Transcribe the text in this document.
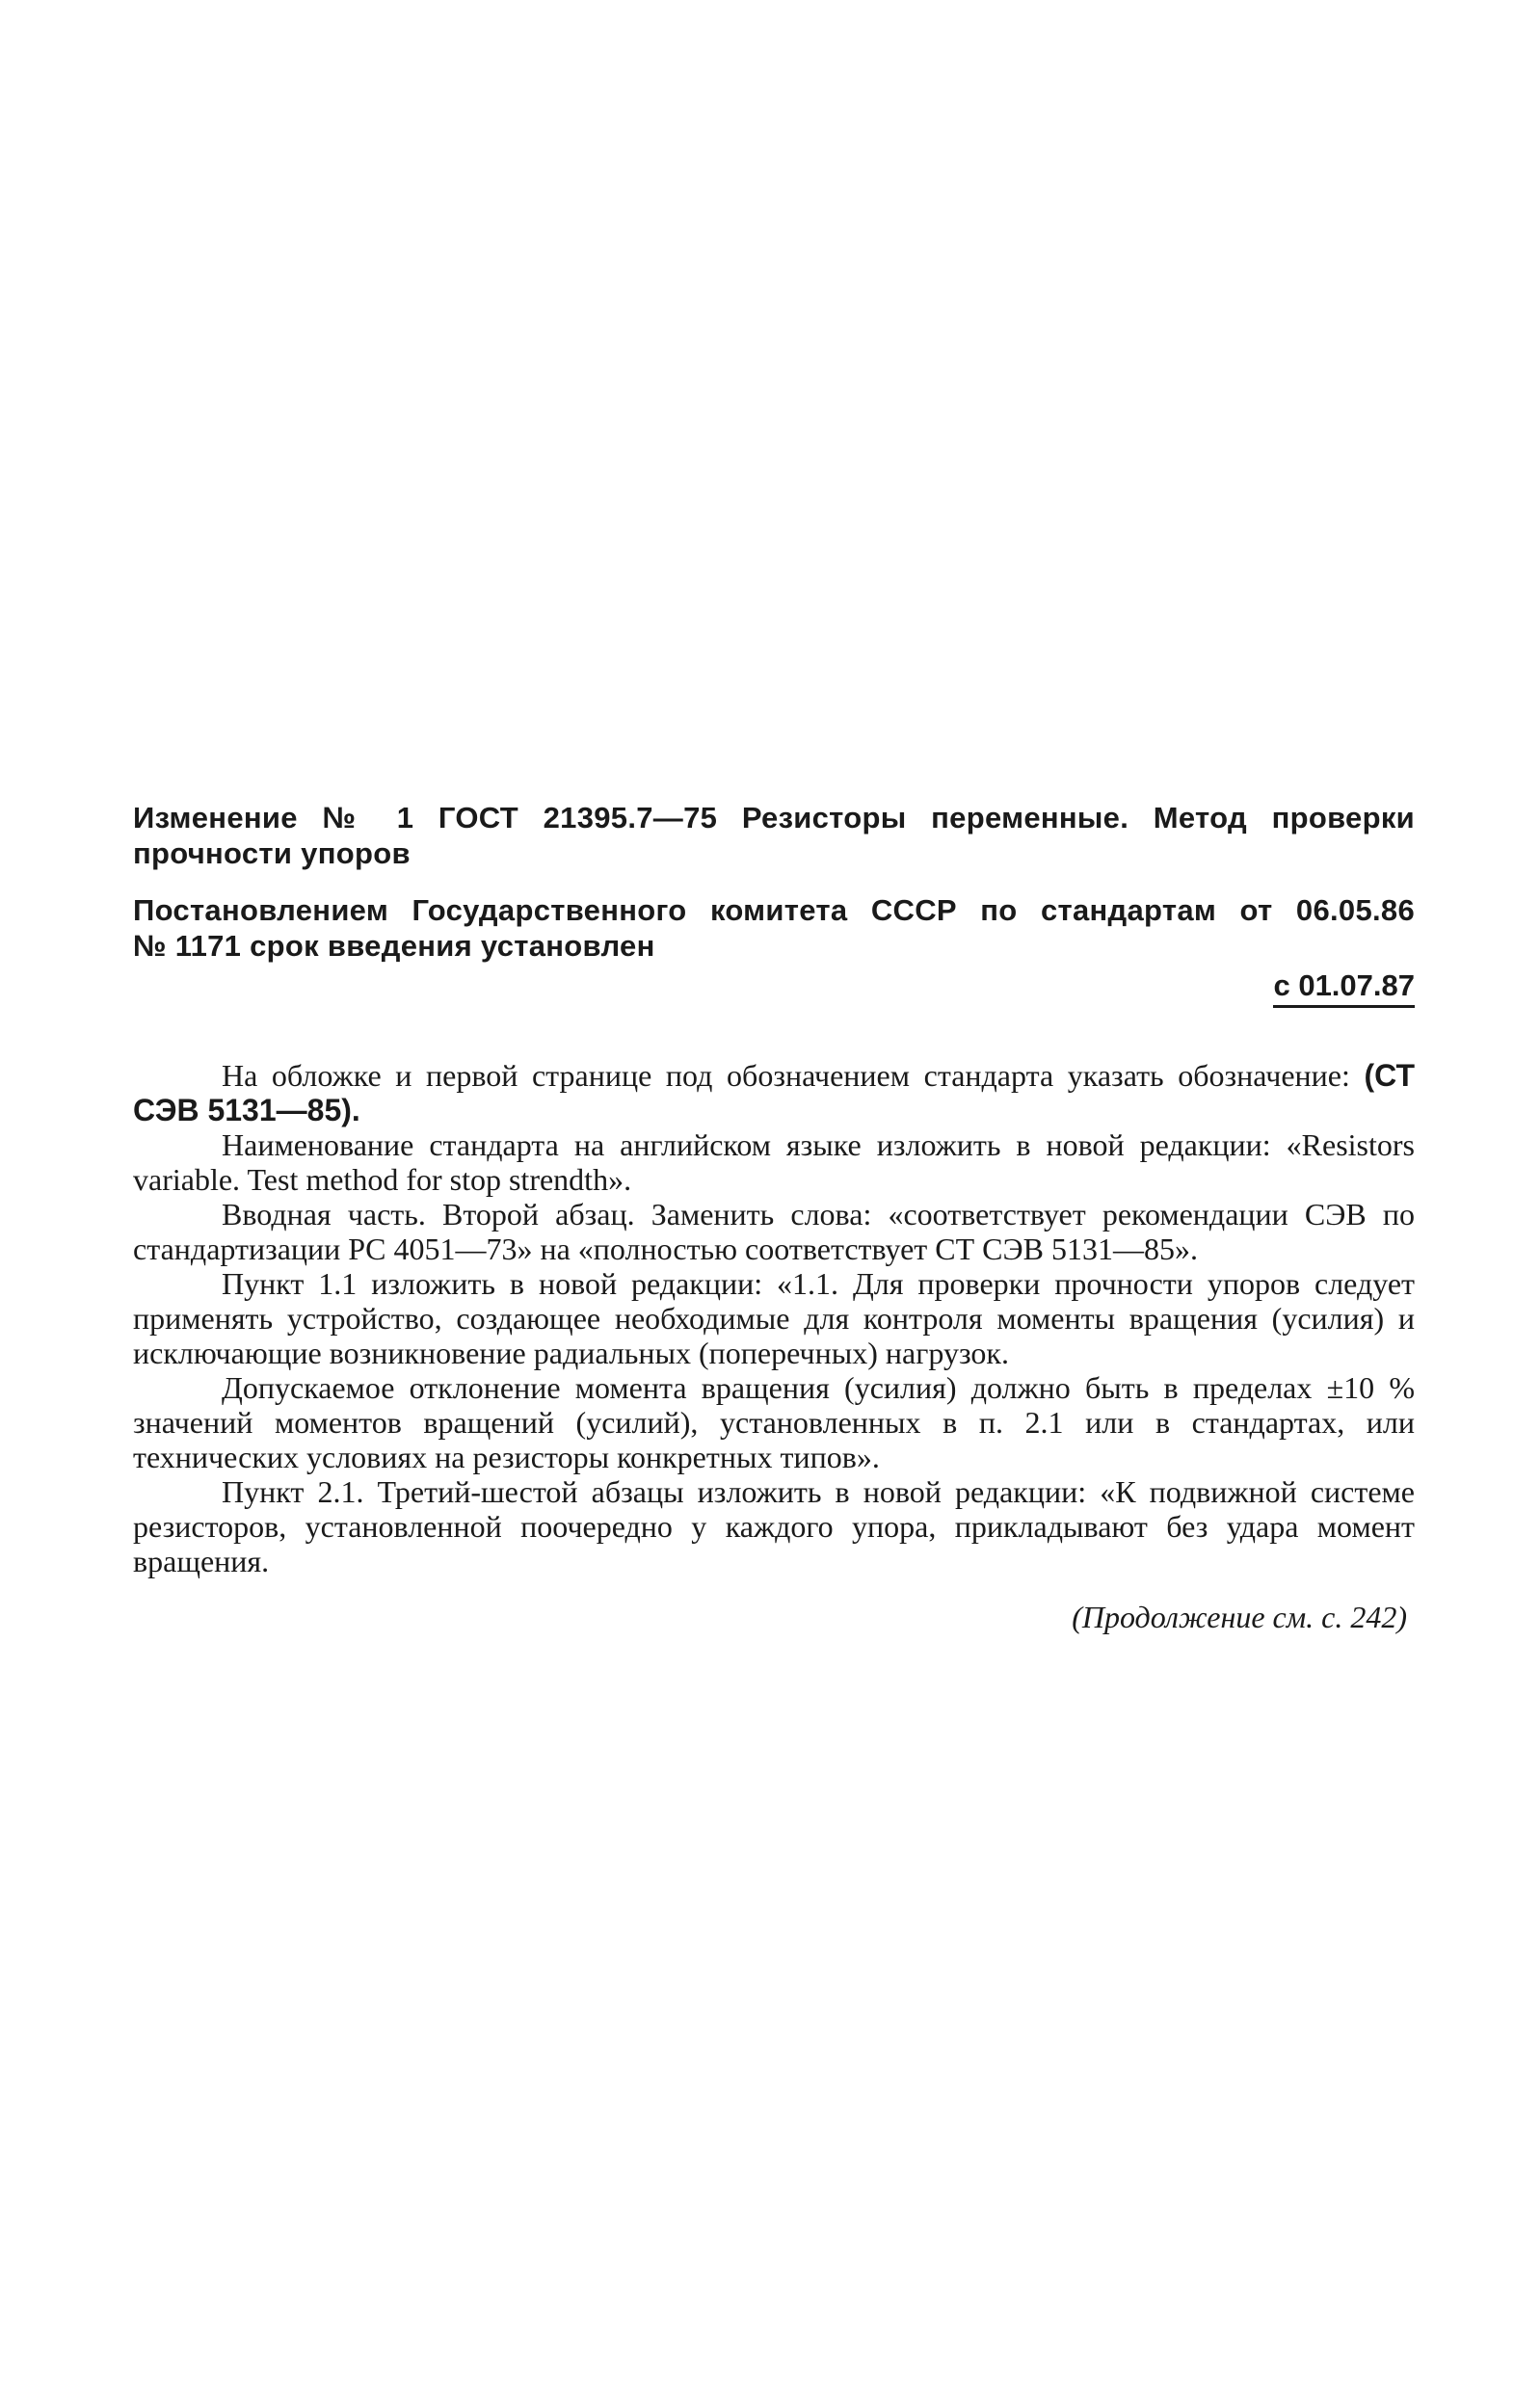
Изменение № 1 ГОСТ 21395.7—75 Резисторы переменные. Метод проверки
прочности упоров

Постановлением Государственного комитета СССР по стандартам от 06.05.86
№ 1171 срок введения установлен

с 01.07.87

На обложке и первой странице под обозначением стандарта указать обозначение: (СТ СЭВ 5131—85).

Наименование стандарта на английском языке изложить в новой редакции: «Resistors variable. Test method for stop strendth».

Вводная часть. Второй абзац. Заменить слова: «соответствует рекомендации СЭВ по стандартизации PC 4051—73» на «полностью соответствует СТ СЭВ 5131—85».

Пункт 1.1 изложить в новой редакции: «1.1. Для проверки прочности упоров следует применять устройство, создающее необходимые для контроля моменты вращения (усилия) и исключающие возникновение радиальных (поперечных) нагрузок.

Допускаемое отклонение момента вращения (усилия) должно быть в пределах ±10 % значений моментов вращений (усилий), установленных в п. 2.1 или в стандартах, или технических условиях на резисторы конкретных типов».

Пункт 2.1. Третий-шестой абзацы изложить в новой редакции: «К подвижной системе резисторов, установленной поочередно у каждого упора, прикладывают без удара момент вращения.

(Продолжение см. с. 242)
